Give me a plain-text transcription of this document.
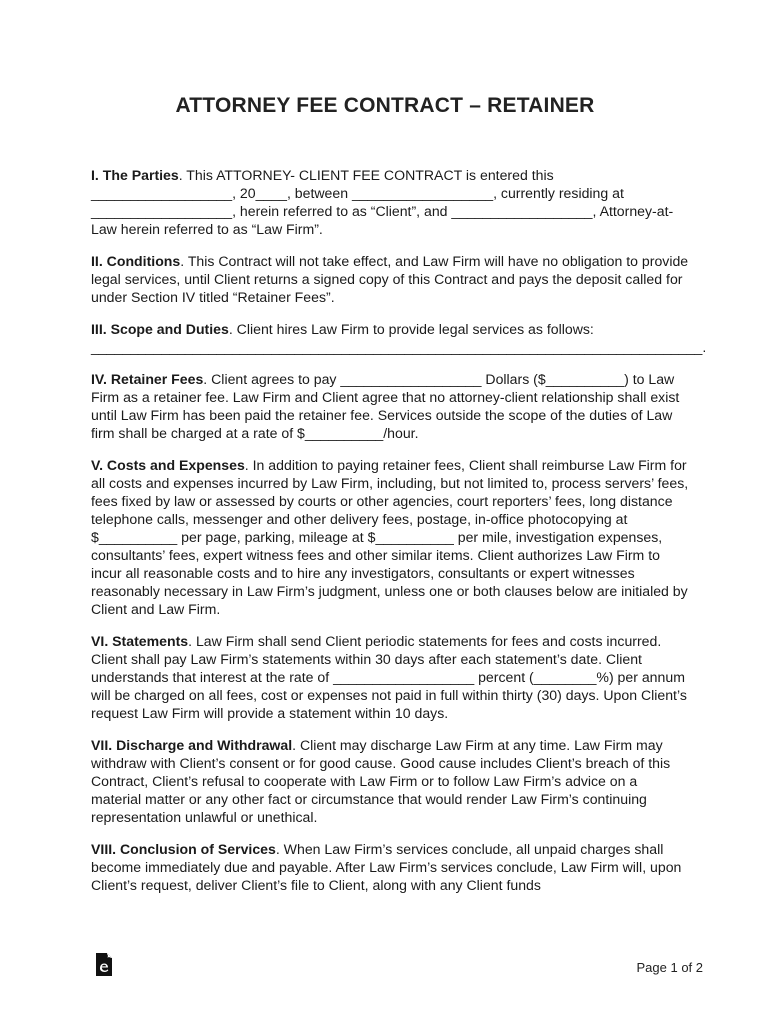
ATTORNEY FEE CONTRACT – RETAINER

I. The Parties. This ATTORNEY- CLIENT FEE CONTRACT is entered this __________________, 20____, between __________________, currently residing at __________________, herein referred to as “Client”, and __________________, Attorney-at-Law herein referred to as “Law Firm”.

II. Conditions. This Contract will not take effect, and Law Firm will have no obligation to provide legal services, until Client returns a signed copy of this Contract and pays the deposit called for under Section IV titled “Retainer Fees”.

III. Scope and Duties. Client hires Law Firm to provide legal services as follows: ______________________________________________________________________________.

IV. Retainer Fees. Client agrees to pay __________________ Dollars ($__________) to Law Firm as a retainer fee. Law Firm and Client agree that no attorney-client relationship shall exist until Law Firm has been paid the retainer fee. Services outside the scope of the duties of Law firm shall be charged at a rate of $__________/hour.

V. Costs and Expenses. In addition to paying retainer fees, Client shall reimburse Law Firm for all costs and expenses incurred by Law Firm, including, but not limited to, process servers’ fees, fees fixed by law or assessed by courts or other agencies, court reporters’ fees, long distance telephone calls, messenger and other delivery fees, postage, in-office photocopying at $__________ per page, parking, mileage at $__________ per mile, investigation expenses, consultants’ fees, expert witness fees and other similar items. Client authorizes Law Firm to incur all reasonable costs and to hire any investigators, consultants or expert witnesses reasonably necessary in Law Firm’s judgment, unless one or both clauses below are initialed by Client and Law Firm.

VI. Statements. Law Firm shall send Client periodic statements for fees and costs incurred. Client shall pay Law Firm’s statements within 30 days after each statement’s date. Client understands that interest at the rate of __________________ percent (________%) per annum will be charged on all fees, cost or expenses not paid in full within thirty (30) days. Upon Client’s request Law Firm will provide a statement within 10 days.

VII. Discharge and Withdrawal. Client may discharge Law Firm at any time. Law Firm may withdraw with Client’s consent or for good cause. Good cause includes Client’s breach of this Contract, Client’s refusal to cooperate with Law Firm or to follow Law Firm’s advice on a material matter or any other fact or circumstance that would render Law Firm’s continuing representation unlawful or unethical.

VIII. Conclusion of Services. When Law Firm’s services conclude, all unpaid charges shall become immediately due and payable. After Law Firm’s services conclude, Law Firm will, upon Client’s request, deliver Client’s file to Client, along with any Client funds

Page 1 of 2
